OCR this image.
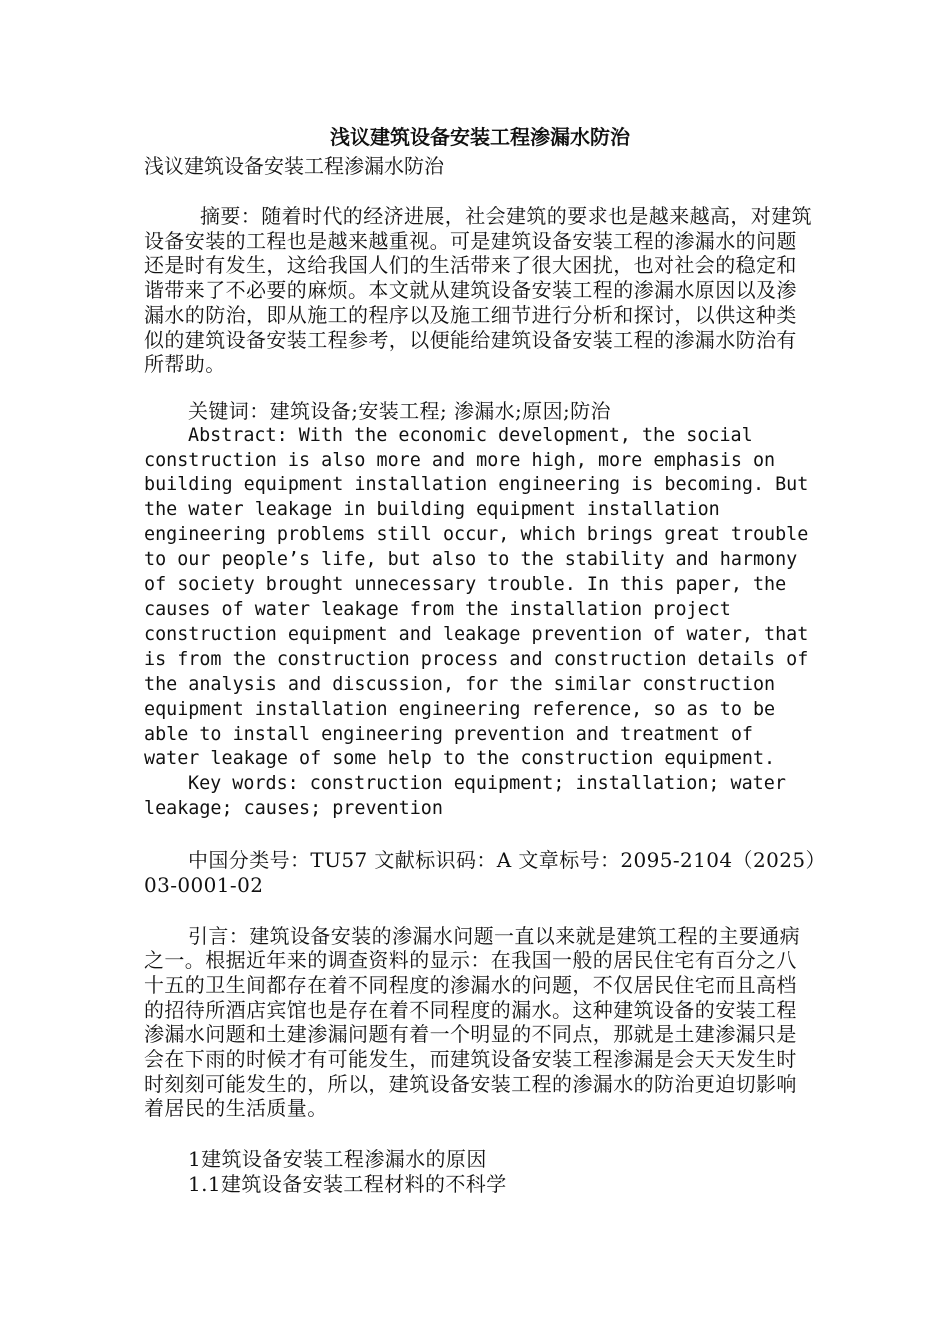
浅议建筑设备安装工程渗漏水防治

浅议建筑设备安装工程渗漏水防治

摘要：随着时代的经济进展，社会建筑的要求也是越来越高，对建筑设备安装的工程也是越来越重视。可是建筑设备安装工程的渗漏水的问题还是时有发生，这给我国人们的生活带来了很大困扰，也对社会的稳定和谐带来了不必要的麻烦。本文就从建筑设备安装工程的渗漏水原因以及渗漏水的防治，即从施工的程序以及施工细节进行分析和探讨，以供这种类似的建筑设备安装工程参考，以便能给建筑设备安装工程的渗漏水防治有所帮助。

关键词：建筑设备;安装工程; 渗漏水;原因;防治

Abstract: With the economic development, the social construction is also more and more high, more emphasis on building equipment installation engineering is becoming. But the water leakage in building equipment installation engineering problems still occur, which brings great trouble to our people’s life, but also to the stability and harmony of society brought unnecessary trouble. In this paper, the causes of water leakage from the installation project construction equipment and leakage prevention of water, that is from the construction process and construction details of the analysis and discussion, for the similar construction equipment installation engineering reference, so as to be able to install engineering prevention and treatment of water leakage of some help to the construction equipment.

Key words: construction equipment; installation; water leakage; causes; prevention

中国分类号：TU57 文献标识码：A 文章标号：2095-2104（2025）03-0001-02

引言：建筑设备安装的渗漏水问题一直以来就是建筑工程的主要通病之一。根据近年来的调查资料的显示：在我国一般的居民住宅有百分之八十五的卫生间都存在着不同程度的渗漏水的问题，不仅居民住宅而且高档的招待所酒店宾馆也是存在着不同程度的漏水。这种建筑设备的安装工程渗漏水问题和土建渗漏问题有着一个明显的不同点，那就是土建渗漏只是会在下雨的时候才有可能发生，而建筑设备安装工程渗漏是会天天发生时时刻刻可能发生的，所以，建筑设备安装工程的渗漏水的防治更迫切影响着居民的生活质量。

1建筑设备安装工程渗漏水的原因

1.1建筑设备安装工程材料的不科学
